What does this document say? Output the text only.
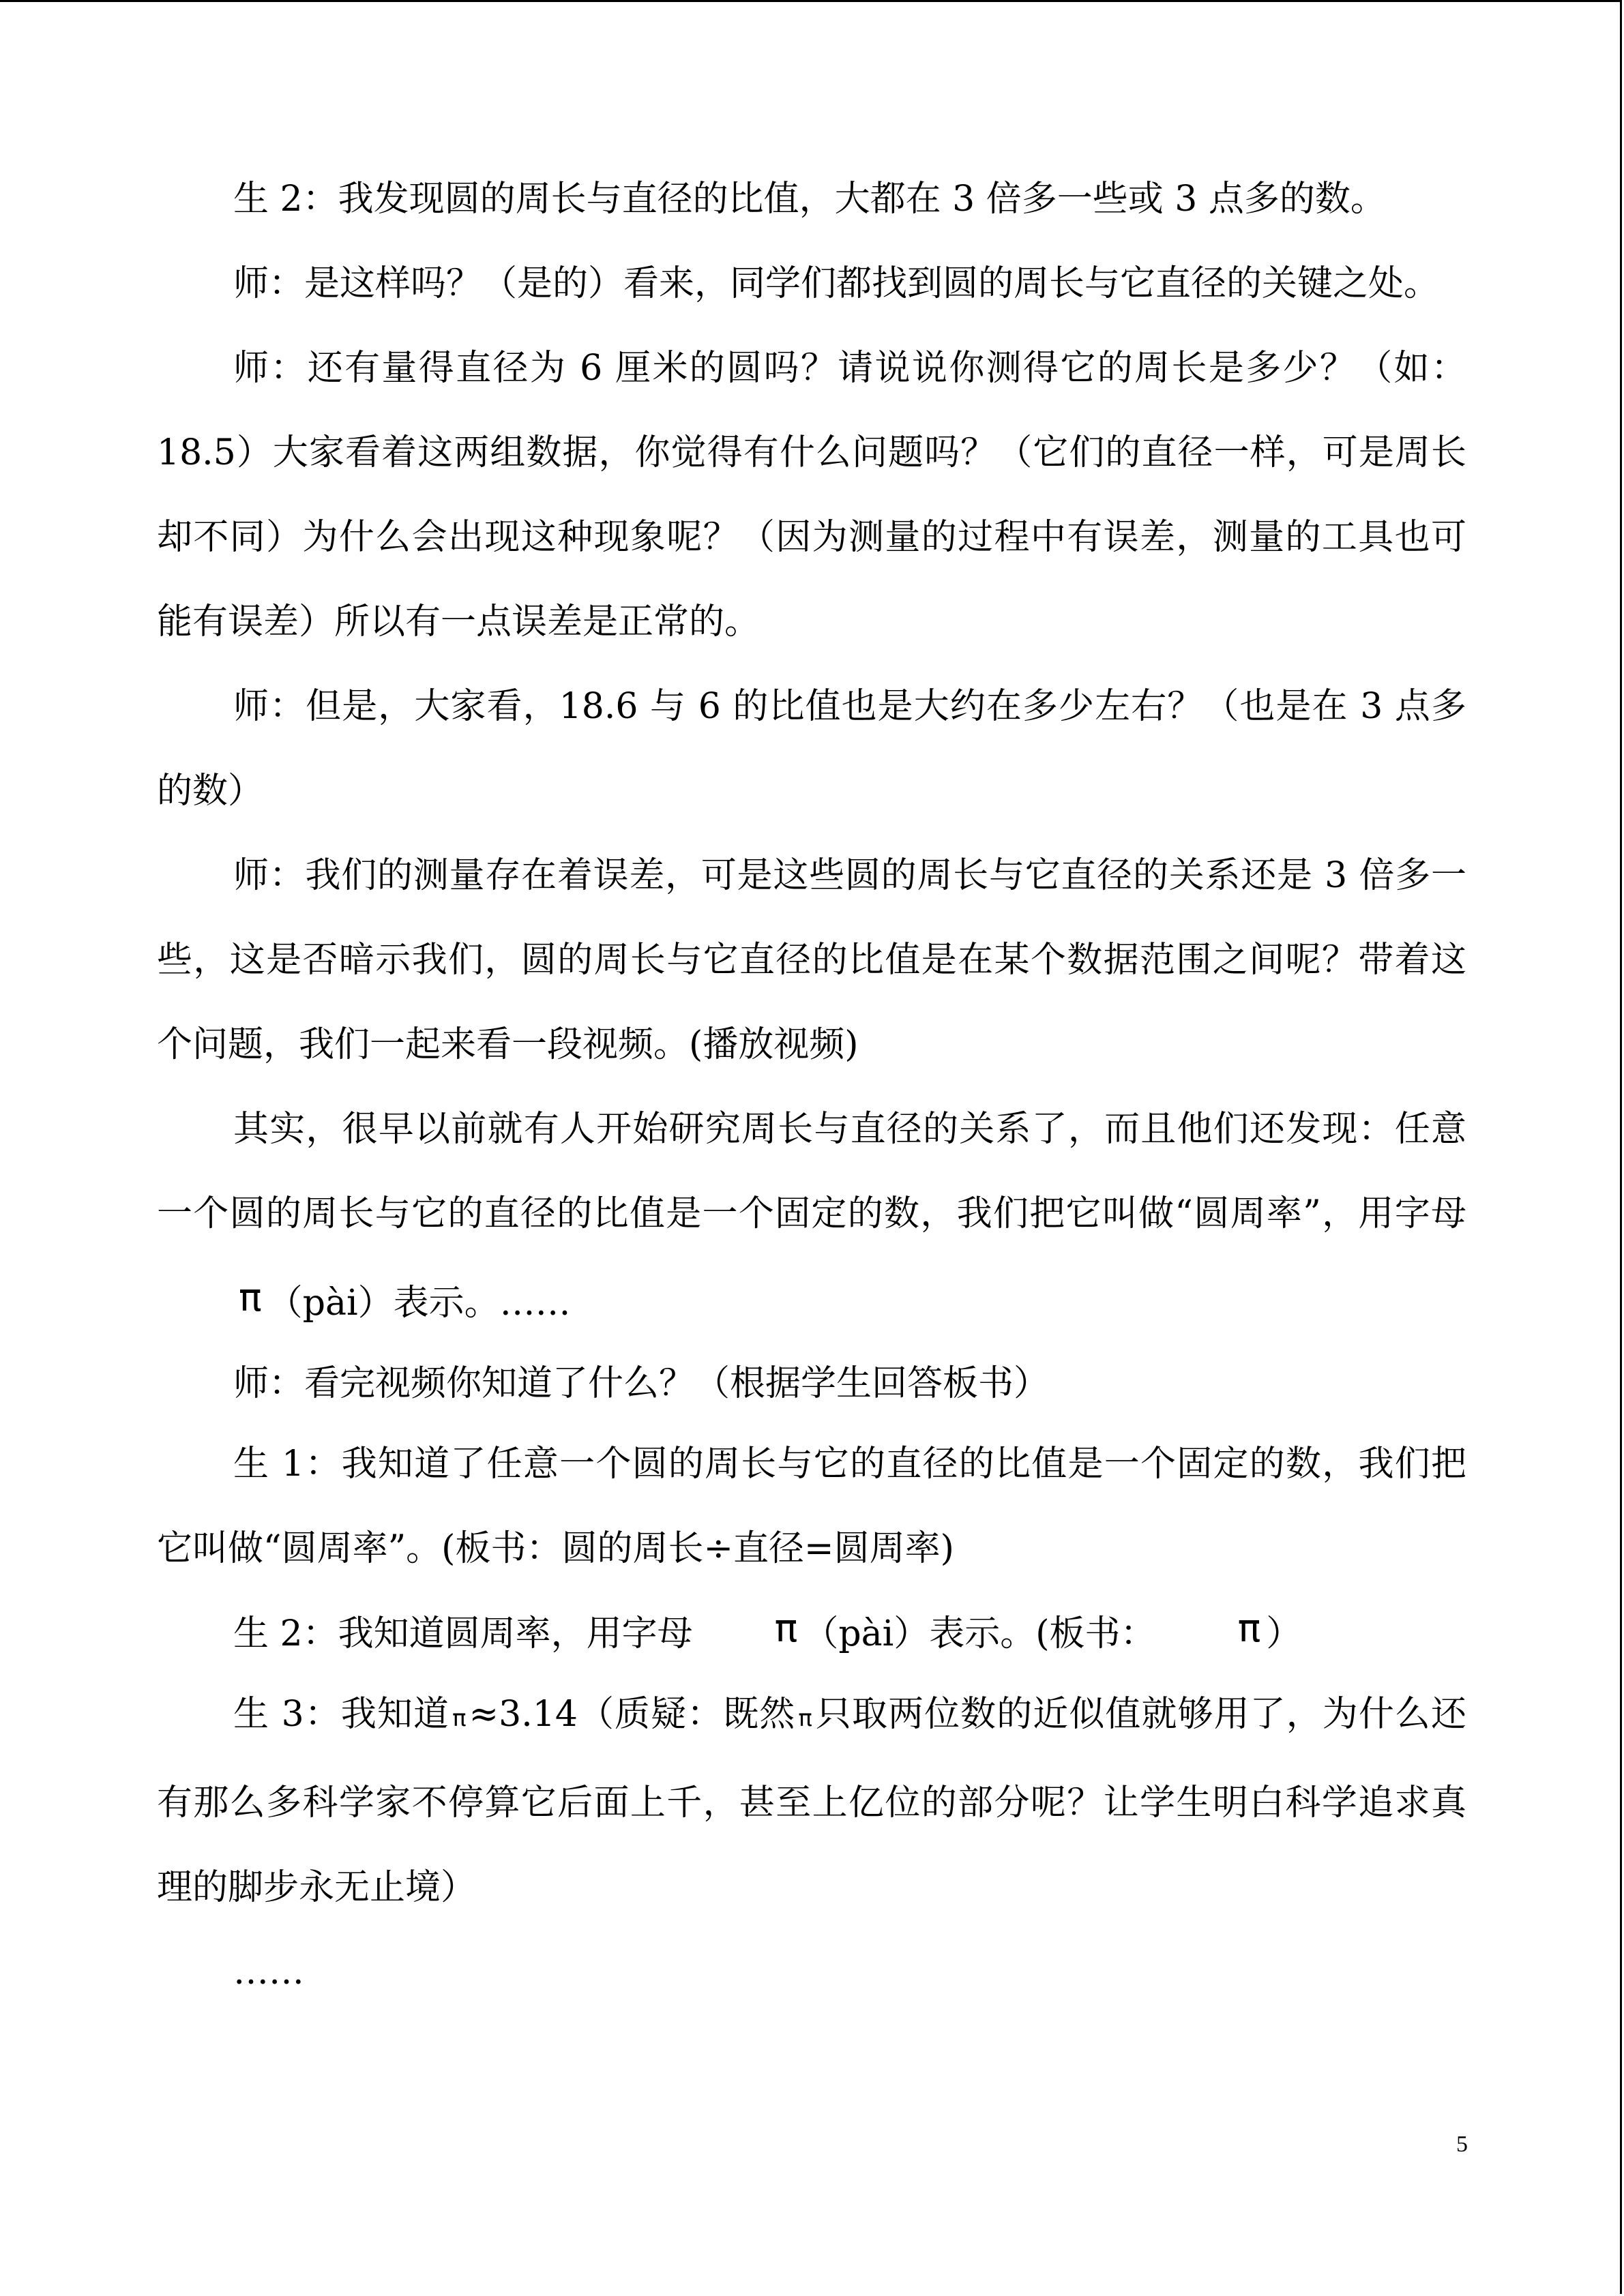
生 2：我发现圆的周长与直径的比值，大都在 3 倍多一些或 3 点多的数。

师：是这样吗？（是的）看来，同学们都找到圆的周长与它直径的关键之处。

师：还有量得直径为 6 厘米的圆吗？请说说你测得它的周长是多少？（如：18.5）大家看着这两组数据，你觉得有什么问题吗？（它们的直径一样，可是周长却不同）为什么会出现这种现象呢？（因为测量的过程中有误差，测量的工具也可能有误差）所以有一点误差是正常的。

师：但是，大家看，18.6 与 6 的比值也是大约在多少左右？（也是在 3 点多的数）

师：我们的测量存在着误差，可是这些圆的周长与它直径的关系还是 3 倍多一些，这是否暗示我们，圆的周长与它直径的比值是在某个数据范围之间呢？带着这个问题，我们一起来看一段视频。(播放视频)

其实，很早以前就有人开始研究周长与直径的关系了，而且他们还发现：任意一个圆的周长与它的直径的比值是一个固定的数，我们把它叫做“圆周率”，用字母π （pài）表示。……

师：看完视频你知道了什么？（根据学生回答板书）

生 1：我知道了任意一个圆的周长与它的直径的比值是一个固定的数，我们把它叫做“圆周率”。(板书：圆的周长÷直径=圆周率)

生 2：我知道圆周率，用字母 π （pài）表示。(板书： π ）

生 3：我知道 π≈3.14（质疑：既然 π只取两位数的近似值就够用了，为什么还有那么多科学家不停算它后面上千，甚至上亿位的部分呢？让学生明白科学追求真理的脚步永无止境）

……

5
